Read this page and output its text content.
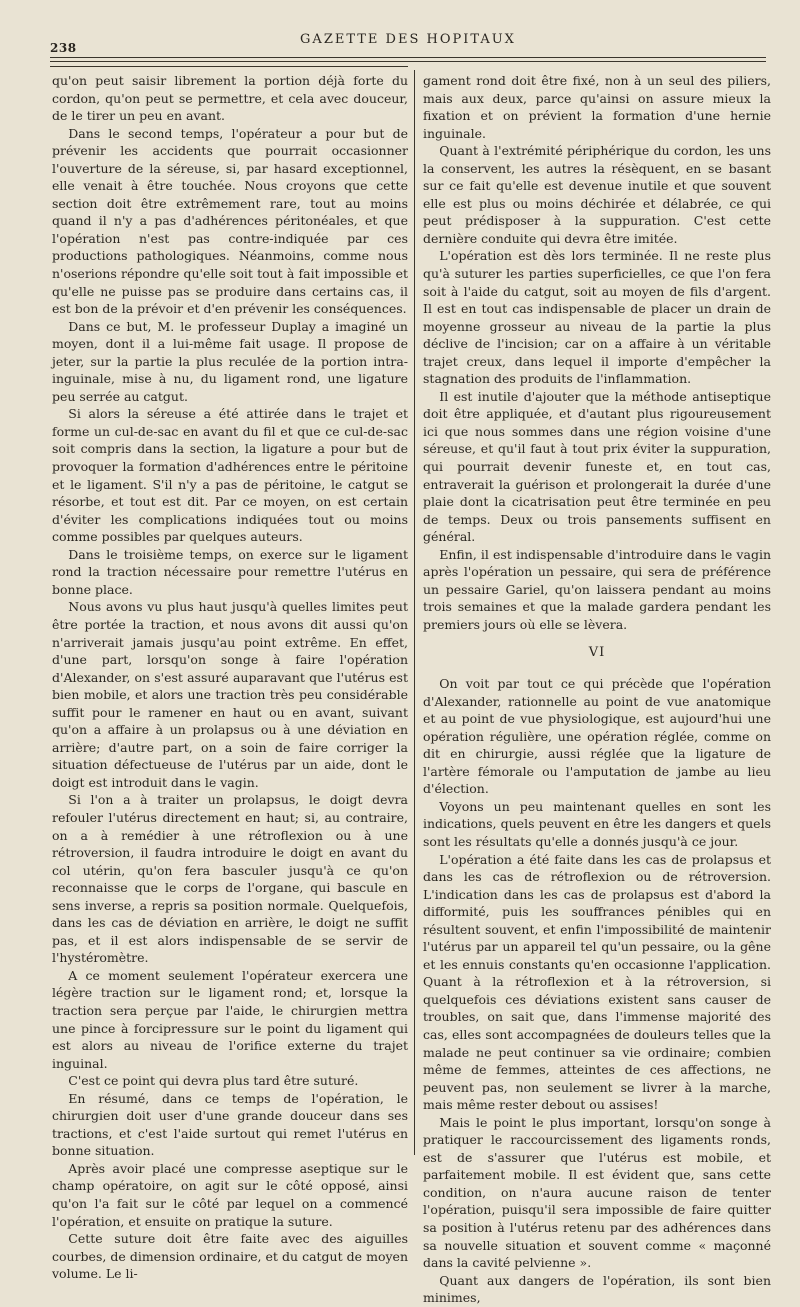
238
GAZETTE DES HOPITAUX

qu'on peut saisir librement la portion déjà forte du cordon, qu'on peut se permettre, et cela avec douceur, de le tirer un peu en avant.

Dans le second temps, l'opérateur a pour but de prévenir les accidents que pourrait occasionner l'ouverture de la séreuse, si, par hasard exceptionnel, elle venait à être touchée. Nous croyons que cette section doit être extrêmement rare, tout au moins quand il n'y a pas d'adhérences péritonéales, et que l'opération n'est pas contre-indiquée par ces productions pathologiques. Néanmoins, comme nous n'oserions répondre qu'elle soit tout à fait impossible et qu'elle ne puisse pas se produire dans certains cas, il est bon de la prévoir et d'en prévenir les conséquences.

Dans ce but, M. le professeur Duplay a imaginé un moyen, dont il a lui-même fait usage. Il propose de jeter, sur la partie la plus reculée de la portion intra-inguinale, mise à nu, du ligament rond, une ligature peu serrée au catgut.

Si alors la séreuse a été attirée dans le trajet et forme un cul-de-sac en avant du fil et que ce cul-de-sac soit compris dans la section, la ligature a pour but de provoquer la formation d'adhérences entre le péritoine et le ligament. S'il n'y a pas de péritoine, le catgut se résorbe, et tout est dit. Par ce moyen, on est certain d'éviter les complications indiquées tout ou moins comme possibles par quelques auteurs.

Dans le troisième temps, on exerce sur le ligament rond la traction nécessaire pour remettre l'utérus en bonne place.

Nous avons vu plus haut jusqu'à quelles limites peut être portée la traction, et nous avons dit aussi qu'on n'arriverait jamais jusqu'au point extrême. En effet, d'une part, lorsqu'on songe à faire l'opération d'Alexander, on s'est assuré auparavant que l'utérus est bien mobile, et alors une traction très peu considérable suffit pour le ramener en haut ou en avant, suivant qu'on a affaire à un prolapsus ou à une déviation en arrière; d'autre part, on a soin de faire corriger la situation défectueuse de l'utérus par un aide, dont le doigt est introduit dans le vagin.

Si l'on a à traiter un prolapsus, le doigt devra refouler l'utérus directement en haut; si, au contraire, on a à remédier à une rétroflexion ou à une rétroversion, il faudra introduire le doigt en avant du col utérin, qu'on fera basculer jusqu'à ce qu'on reconnaisse que le corps de l'organe, qui bascule en sens inverse, a repris sa position normale. Quelquefois, dans les cas de déviation en arrière, le doigt ne suffit pas, et il est alors indispensable de se servir de l'hystéromètre.

A ce moment seulement l'opérateur exercera une légère traction sur le ligament rond; et, lorsque la traction sera perçue par l'aide, le chirurgien mettra une pince à forcipressure sur le point du ligament qui est alors au niveau de l'orifice externe du trajet inguinal.

C'est ce point qui devra plus tard être suturé.

En résumé, dans ce temps de l'opération, le chirurgien doit user d'une grande douceur dans ses tractions, et c'est l'aide surtout qui remet l'utérus en bonne situation.

Après avoir placé une compresse aseptique sur le champ opératoire, on agit sur le côté opposé, ainsi qu'on l'a fait sur le côté par lequel on a commencé l'opération, et ensuite on pratique la suture.

Cette suture doit être faite avec des aiguilles courbes, de dimension ordinaire, et du catgut de moyen volume. Le li-

gament rond doit être fixé, non à un seul des piliers, mais aux deux, parce qu'ainsi on assure mieux la fixation et on prévient la formation d'une hernie inguinale.

Quant à l'extrémité périphérique du cordon, les uns la conservent, les autres la résèquent, en se basant sur ce fait qu'elle est devenue inutile et que souvent elle est plus ou moins déchirée et délabrée, ce qui peut prédisposer à la suppuration. C'est cette dernière conduite qui devra être imitée.

L'opération est dès lors terminée. Il ne reste plus qu'à suturer les parties superficielles, ce que l'on fera soit à l'aide du catgut, soit au moyen de fils d'argent. Il est en tout cas indispensable de placer un drain de moyenne grosseur au niveau de la partie la plus déclive de l'incision; car on a affaire à un véritable trajet creux, dans lequel il importe d'empêcher la stagnation des produits de l'inflammation.

Il est inutile d'ajouter que la méthode antiseptique doit être appliquée, et d'autant plus rigoureusement ici que nous sommes dans une région voisine d'une séreuse, et qu'il faut à tout prix éviter la suppuration, qui pourrait devenir funeste et, en tout cas, entraverait la guérison et prolongerait la durée d'une plaie dont la cicatrisation peut être terminée en peu de temps. Deux ou trois pansements suffisent en général.

Enfin, il est indispensable d'introduire dans le vagin après l'opération un pessaire, qui sera de préférence un pessaire Gariel, qu'on laissera pendant au moins trois semaines et que la malade gardera pendant les premiers jours où elle se lèvera.

VI

On voit par tout ce qui précède que l'opération d'Alexander, rationnelle au point de vue anatomique et au point de vue physiologique, est aujourd'hui une opération régulière, une opération réglée, comme on dit en chirurgie, aussi réglée que la ligature de l'artère fémorale ou l'amputation de jambe au lieu d'élection.

Voyons un peu maintenant quelles en sont les indications, quels peuvent en être les dangers et quels sont les résultats qu'elle a donnés jusqu'à ce jour.

L'opération a été faite dans les cas de prolapsus et dans les cas de rétroflexion ou de rétroversion. L'indication dans les cas de prolapsus est d'abord la difformité, puis les souffrances pénibles qui en résultent souvent, et enfin l'impossibilité de maintenir l'utérus par un appareil tel qu'un pessaire, ou la gêne et les ennuis constants qu'en occasionne l'application. Quant à la rétroflexion et à la rétroversion, si quelquefois ces déviations existent sans causer de troubles, on sait que, dans l'immense majorité des cas, elles sont accompagnées de douleurs telles que la malade ne peut continuer sa vie ordinaire; combien même de femmes, atteintes de ces affections, ne peuvent pas, non seulement se livrer à la marche, mais même rester debout ou assises!

Mais le point le plus important, lorsqu'on songe à pratiquer le raccourcissement des ligaments ronds, est de s'assurer que l'utérus est mobile, et parfaitement mobile. Il est évident que, sans cette condition, on n'aura aucune raison de tenter l'opération, puisqu'il sera impossible de faire quitter sa position à l'utérus retenu par des adhérences dans sa nouvelle situation et souvent comme « maçonné dans la cavité pelvienne ».

Quant aux dangers de l'opération, ils sont bien minimes,
